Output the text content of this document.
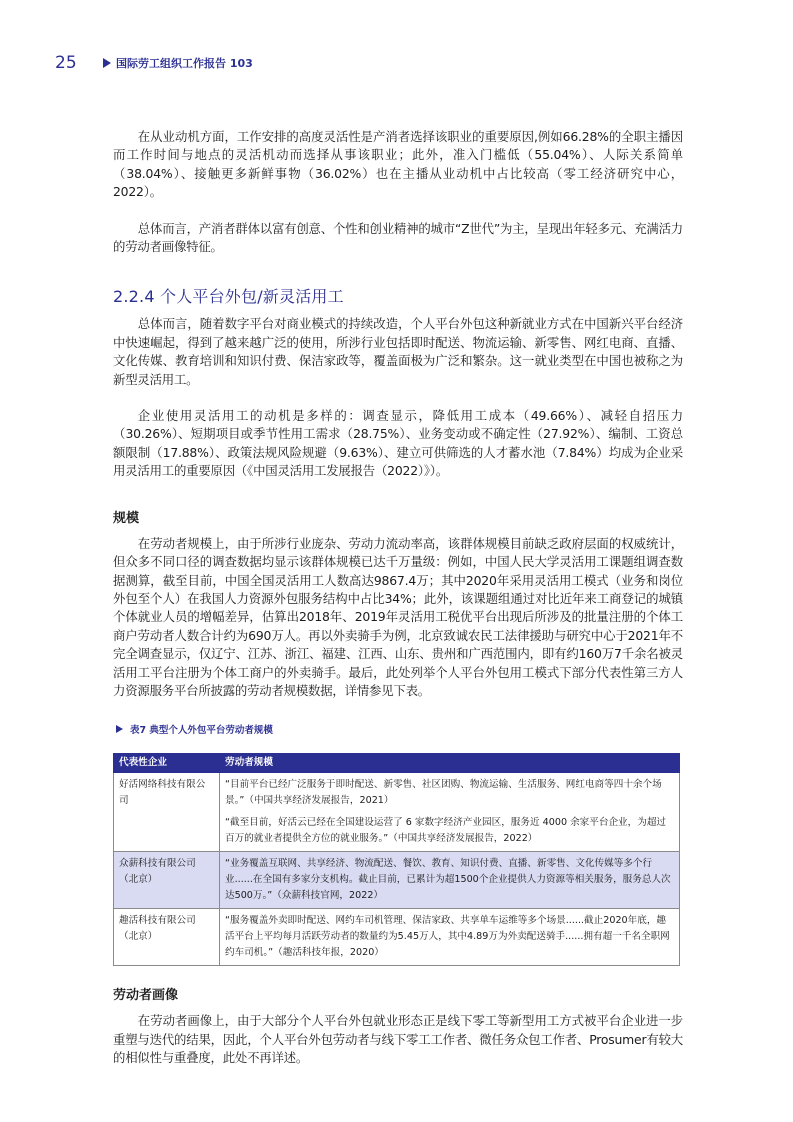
25	国际劳工组织工作报告 103

在从业动机方面，工作安排的高度灵活性是产消者选择该职业的重要原因,例如66.28%的全职主播因而工作时间与地点的灵活机动而选择从事该职业；此外，准入门槛低（55.04%）、人际关系简单（38.04%）、接触更多新鲜事物（36.02%）也在主播从业动机中占比较高（零工经济研究中心，2022）。

总体而言，产消者群体以富有创意、个性和创业精神的城市“Z世代”为主，呈现出年轻多元、充满活力的劳动者画像特征。

2.2.4 个人平台外包/新灵活用工

总体而言，随着数字平台对商业模式的持续改造，个人平台外包这种新就业方式在中国新兴平台经济中快速崛起，得到了越来越广泛的使用，所涉行业包括即时配送、物流运输、新零售、网红电商、直播、文化传媒、教育培训和知识付费、保洁家政等，覆盖面极为广泛和繁杂。这一就业类型在中国也被称之为新型灵活用工。

企业使用灵活用工的动机是多样的：调查显示，降低用工成本（49.66%）、减轻自招压力（30.26%）、短期项目或季节性用工需求（28.75%）、业务变动或不确定性（27.92%）、编制、工资总额限制（17.88%）、政策法规风险规避（9.63%）、建立可供筛选的人才蓄水池（7.84%）均成为企业采用灵活用工的重要原因（《中国灵活用工发展报告（2022）》）。

规模

在劳动者规模上，由于所涉行业庞杂、劳动力流动率高，该群体规模目前缺乏政府层面的权威统计，但众多不同口径的调查数据均显示该群体规模已达千万量级：例如，中国人民大学灵活用工课题组调查数据测算，截至目前，中国全国灵活用工人数高达9867.4万；其中2020年采用灵活用工模式（业务和岗位外包至个人）在我国人力资源外包服务结构中占比34%；此外，该课题组通过对比近年来工商登记的城镇个体就业人员的增幅差异，估算出2018年、2019年灵活用工税优平台出现后所涉及的批量注册的个体工商户劳动者人数合计约为690万人。再以外卖骑手为例，北京致诚农民工法律援助与研究中心于2021年不完全调查显示，仅辽宁、江苏、浙江、福建、江西、山东、贵州和广西范围内，即有约160万7千余名被灵活用工平台注册为个体工商户的外卖骑手。最后，此处列举个人平台外包用工模式下部分代表性第三方人力资源服务平台所披露的劳动者规模数据，详情参见下表。

表7 典型个人外包平台劳动者规模
代表性企业	劳动者规模
好活网络科技有限公司	“目前平台已经广泛服务于即时配送、新零售、社区团购、物流运输、生活服务、网红电商等四十余个场景。”（中国共享经济发展报告，2021）

“截至目前，好活云已经在全国建设运营了 6 家数字经济产业园区，服务近 4000 余家平台企业，为超过百万的就业者提供全方位的就业服务。”（中国共享经济发展报告，2022）

众薪科技有限公司（北京）	“业务覆盖互联网、共享经济、物流配送、餐饮、教育、知识付费、直播、新零售、文化传媒等多个行业......在全国有多家分支机构。截止目前，已累计为超1500个企业提供人力资源等相关服务，服务总人次达500万。”（众薪科技官网，2022）

趣活科技有限公司（北京）	“服务覆盖外卖即时配送、网约车司机管理、保洁家政、共享单车运维等多个场景......截止2020年底，趣活平台上平均每月活跃劳动者的数量约为5.45万人，其中4.89万为外卖配送骑手......拥有超一千名全职网约车司机。”（趣活科技年报，2020）

劳动者画像

在劳动者画像上，由于大部分个人平台外包就业形态正是线下零工等新型用工方式被平台企业进一步重塑与迭代的结果，因此，个人平台外包劳动者与线下零工工作者、微任务众包工作者、Prosumer有较大的相似性与重叠度，此处不再详述。
